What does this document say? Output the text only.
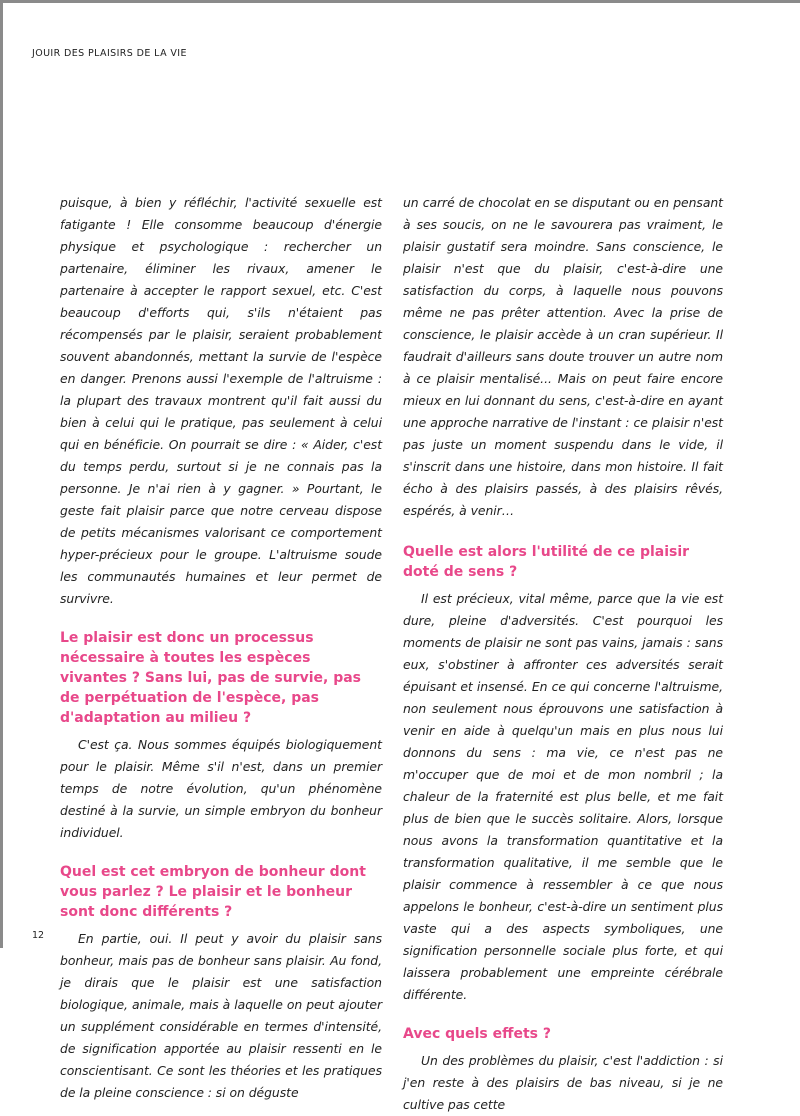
JOUIR DES PLAISIRS DE LA VIE

puisque, à bien y réfléchir, l'activité sexuelle est fatigante ! Elle consomme beaucoup d'énergie physique et psychologique : rechercher un partenaire, éliminer les rivaux, amener le partenaire à accepter le rapport sexuel, etc. C'est beaucoup d'efforts qui, s'ils n'étaient pas récompensés par le plaisir, seraient probablement souvent abandonnés, mettant la survie de l'espèce en danger. Prenons aussi l'exemple de l'altruisme : la plupart des travaux montrent qu'il fait aussi du bien à celui qui le pratique, pas seulement à celui qui en bénéficie. On pourrait se dire : « Aider, c'est du temps perdu, surtout si je ne connais pas la personne. Je n'ai rien à y gagner. » Pourtant, le geste fait plaisir parce que notre cerveau dispose de petits mécanismes valorisant ce comportement hyper-précieux pour le groupe. L'altruisme soude les communautés humaines et leur permet de survivre.

Le plaisir est donc un processus nécessaire à toutes les espèces vivantes ? Sans lui, pas de survie, pas de perpétuation de l'espèce, pas d'adaptation au milieu ?

C'est ça. Nous sommes équipés biologiquement pour le plaisir. Même s'il n'est, dans un premier temps de notre évolution, qu'un phénomène destiné à la survie, un simple embryon du bonheur individuel.

Quel est cet embryon de bonheur dont vous parlez ? Le plaisir et le bonheur sont donc différents ?

En partie, oui. Il peut y avoir du plaisir sans bonheur, mais pas de bonheur sans plaisir. Au fond, je dirais que le plaisir est une satisfaction biologique, animale, mais à laquelle on peut ajouter un supplément considérable en termes d'intensité, de signification apportée au plaisir ressenti en le conscientisant. Ce sont les théories et les pratiques de la pleine conscience : si on déguste

un carré de chocolat en se disputant ou en pensant à ses soucis, on ne le savourera pas vraiment, le plaisir gustatif sera moindre. Sans conscience, le plaisir n'est que du plaisir, c'est-à-dire une satisfaction du corps, à laquelle nous pouvons même ne pas prêter attention. Avec la prise de conscience, le plaisir accède à un cran supérieur. Il faudrait d'ailleurs sans doute trouver un autre nom à ce plaisir mentalisé... Mais on peut faire encore mieux en lui donnant du sens, c'est-à-dire en ayant une approche narrative de l'instant : ce plaisir n'est pas juste un moment suspendu dans le vide, il s'inscrit dans une histoire, dans mon histoire. Il fait écho à des plaisirs passés, à des plaisirs rêvés, espérés, à venir…

Quelle est alors l'utilité de ce plaisir doté de sens ?

Il est précieux, vital même, parce que la vie est dure, pleine d'adversités. C'est pourquoi les moments de plaisir ne sont pas vains, jamais : sans eux, s'obstiner à affronter ces adversités serait épuisant et insensé. En ce qui concerne l'altruisme, non seulement nous éprouvons une satisfaction à venir en aide à quelqu'un mais en plus nous lui donnons du sens : ma vie, ce n'est pas ne m'occuper que de moi et de mon nombril ; la chaleur de la fraternité est plus belle, et me fait plus de bien que le succès solitaire. Alors, lorsque nous avons la transformation quantitative et la transformation qualitative, il me semble que le plaisir commence à ressembler à ce que nous appelons le bonheur, c'est-à-dire un sentiment plus vaste qui a des aspects symboliques, une signification personnelle sociale plus forte, et qui laissera probablement une empreinte cérébrale différente.

Avec quels effets ?

Un des problèmes du plaisir, c'est l'addiction : si j'en reste à des plaisirs de bas niveau, si je ne cultive pas cette

12
